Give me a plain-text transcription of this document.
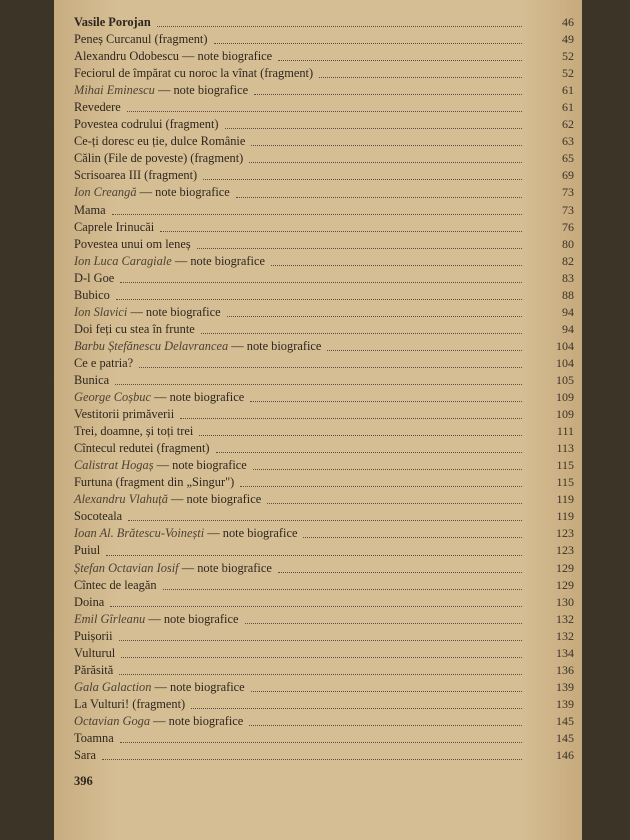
Vasile Porojan	46
Peneș Curcanul (fragment)	49
Alexandru Odobescu — note biografice	52
Feciorul de împărat cu noroc la vînat (fragment)	52
Mihai Eminescu — note biografice	61
Revedere	61
Povestea codrului (fragment)	62
Ce-ți doresc eu ție, dulce Românie	63
Călin (File de poveste) (fragment)	65
Scrisoarea III (fragment)	69
Ion Creangă — note biografice	73
Mama	73
Caprele Irinucăi	76
Povestea unui om leneș	80
Ion Luca Caragiale — note biografice	82
D-l Goe	83
Bubico	88
Ion Slavici — note biografice	94
Doi feți cu stea în frunte	94
Barbu Ștefănescu Delavrancea — note biografice	104
Ce e patria?	104
Bunica	105
George Coșbuc — note biografice	109
Vestitorii primăverii	109
Trei, doamne, și toți trei	111
Cîntecul redutei (fragment)	113
Calistrat Hogaș — note biografice	115
Furtuna (fragment din „Singur")	115
Alexandru Vlahuță — note biografice	119
Socoteala	119
Ioan Al. Brătescu-Voinești — note biografice	123
Puiul	123
Ștefan Octavian Iosif — note biografice	129
Cîntec de leagăn	129
Doina	130
Emil Gîrleanu — note biografice	132
Puișorii	132
Vulturul	134
Părăsită	136
Gala Galaction — note biografice	139
La Vulturi! (fragment)	139
Octavian Goga — note biografice	145
Toamna	145
Sara	146
396
